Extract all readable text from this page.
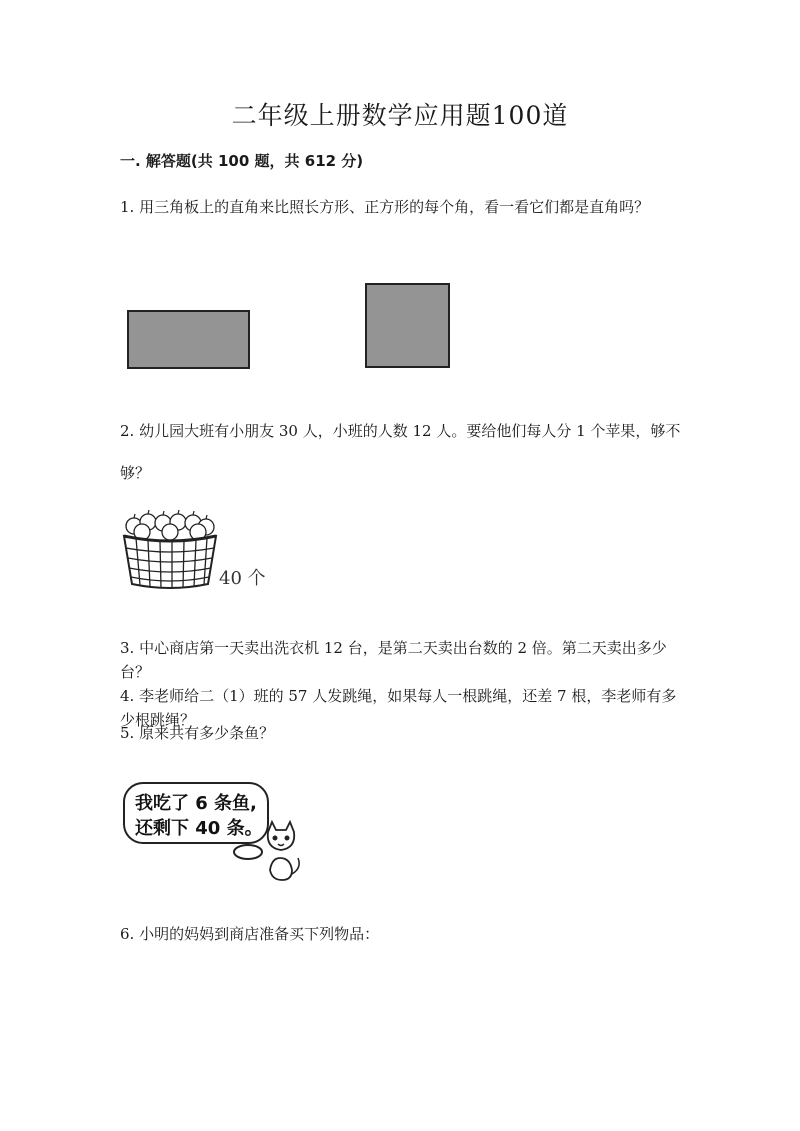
二年级上册数学应用题100道
一. 解答题(共 100 题，共 612 分)
1. 用三角板上的直角来比照长方形、正方形的每个角，看一看它们都是直角吗？
2. 幼儿园大班有小朋友 30 人，小班的人数 12 人。要给他们每人分 1 个苹果，够不够？
40 个
3. 中心商店第一天卖出洗衣机 12 台，是第二天卖出台数的 2 倍。第二天卖出多少台？
4. 李老师给二（1）班的 57 人发跳绳，如果每人一根跳绳，还差 7 根，李老师有多少根跳绳？
5. 原来共有多少条鱼？
我吃了 6 条鱼,
还剩下 40 条。
6. 小明的妈妈到商店准备买下列物品：
